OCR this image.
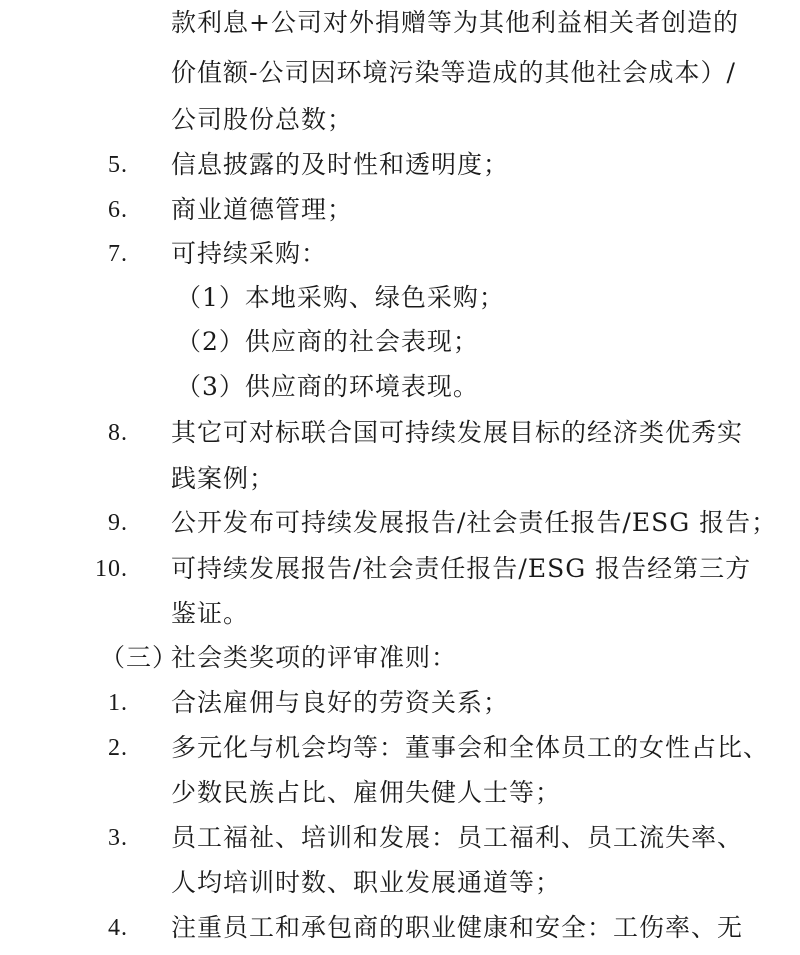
款利息+公司对外捐赠等为其他利益相关者创造的
价值额-公司因环境污染等造成的其他社会成本）/
公司股份总数；
5. 信息披露的及时性和透明度；
6. 商业道德管理；
7. 可持续采购：
（1）本地采购、绿色采购；
（2）供应商的社会表现；
（3）供应商的环境表现。
8. 其它可对标联合国可持续发展目标的经济类优秀实
践案例；
9. 公开发布可持续发展报告/社会责任报告/ESG 报告；
10. 可持续发展报告/社会责任报告/ESG 报告经第三方
鉴证。
（三）
社会类奖项的评审准则：
1. 合法雇佣与良好的劳资关系；
2. 多元化与机会均等：董事会和全体员工的女性占比、
少数民族占比、雇佣失健人士等；
3. 员工福祉、培训和发展：员工福利、员工流失率、
人均培训时数、职业发展通道等；
4. 注重员工和承包商的职业健康和安全：工伤率、无
